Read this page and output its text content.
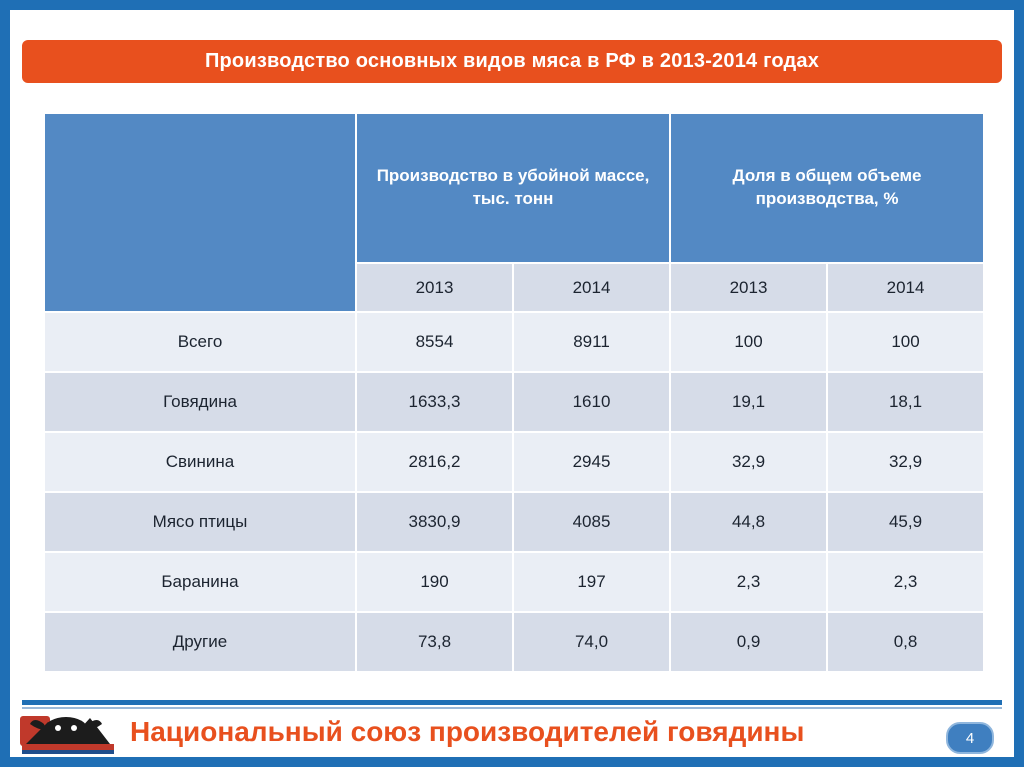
Производство основных видов мяса в РФ в 2013-2014 годах
	Производство в убойной массе, тыс. тонн		Доля в общем объеме производства, %	
	2013	2014	2013	2014
Всего	8554	8911	100	100
Говядина	1633,3	1610	19,1	18,1
Свинина	2816,2	2945	32,9	32,9
Мясо птицы	3830,9	4085	44,8	45,9
Баранина	190	197	2,3	2,3
Другие	73,8	74,0	0,9	0,8
Национальный союз производителей говядины	4
